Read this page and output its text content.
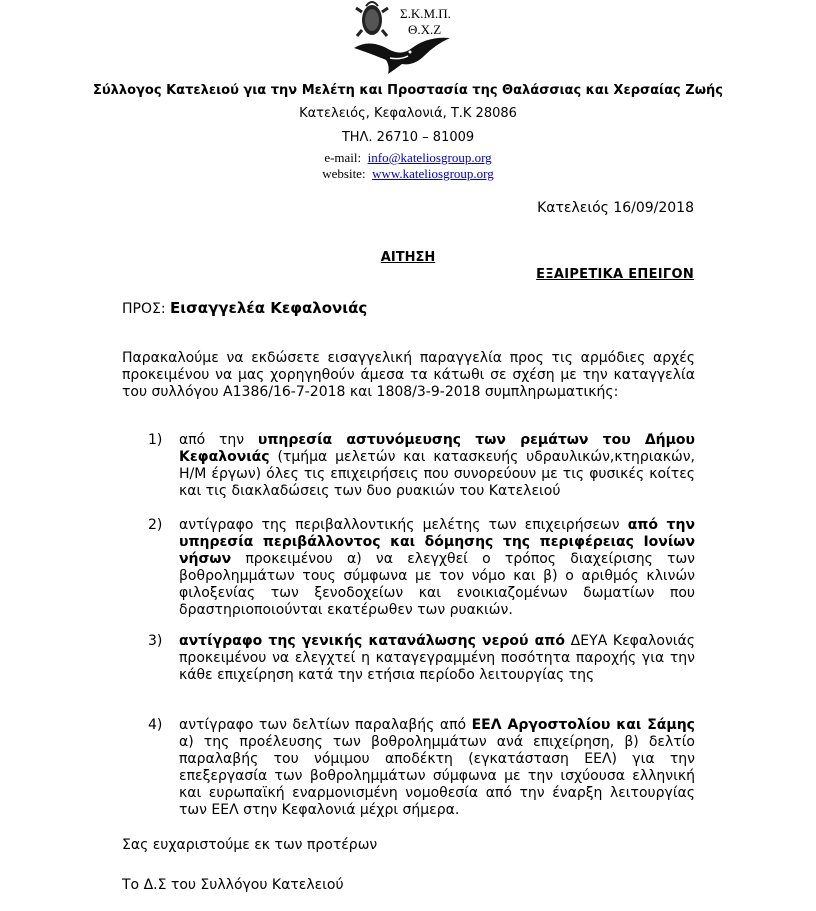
Σ.Κ.Μ.Π.
Θ.Χ.Ζ
Σύλλογος Κατελειού για την Μελέτη και Προστασία της Θαλάσσιας και Χερσαίας Ζωής
Κατελειός, Κεφαλονιά, Τ.Κ 28086
ΤΗΛ. 26710 – 81009
e-mail: info@kateliosgroup.org
website: www.kateliosgroup.org
Κατελειός 16/09/2018
ΑΙΤΗΣΗ
ΕΞΑΙΡΕΤΙΚΑ ΕΠΕΙΓΟΝ
ΠΡΟΣ: Εισαγγελέα Κεφαλονιάς
Παρακαλούμε να εκδώσετε εισαγγελική παραγγελία προς τις αρμόδιες αρχές προκειμένου να μας χορηγηθούν άμεσα τα κάτωθι σε σχέση με την καταγγελία του συλλόγου Α1386/16-7-2018 και 1808/3-9-2018 συμπληρωματικής:
1) από την υπηρεσία αστυνόμευσης των ρεμάτων του Δήμου Κεφαλονιάς (τμήμα μελετών και κατασκευής υδραυλικών,κτηριακών, Η/Μ έργων) όλες τις επιχειρήσεις που συνορεύουν με τις φυσικές κοίτες και τις διακλαδώσεις των δυο ρυακιών του Κατελειού
2) αντίγραφο της περιβαλλοντικής μελέτης των επιχειρήσεων από την υπηρεσία περιβάλλοντος και δόμησης της περιφέρειας Ιονίων νήσων προκειμένου α) να ελεγχθεί ο τρόπος διαχείρισης των βοθρολημμάτων τους σύμφωνα με τον νόμο και β) ο αριθμός κλινών φιλοξενίας των ξενοδοχείων και ενοικιαζομένων δωματίων που δραστηριοποιούνται εκατέρωθεν των ρυακιών.
3) αντίγραφο της γενικής κατανάλωσης νερού από ΔΕΥΑ Κεφαλονιάς προκειμένου να ελεγχτεί η καταγεγραμμένη ποσότητα παροχής για την κάθε επιχείρηση κατά την ετήσια περίοδο λειτουργίας της
4) αντίγραφο των δελτίων παραλαβής από ΕΕΛ Αργοστολίου και Σάμης α) της προέλευσης των βοθρολημμάτων ανά επιχείρηση, β) δελτίο παραλαβής του νόμιμου αποδέκτη (εγκατάσταση ΕΕΛ) για την επεξεργασία των βοθρολημμάτων σύμφωνα με την ισχύουσα ελληνική και ευρωπαϊκή εναρμονισμένη νομοθεσία από την έναρξη λειτουργίας των ΕΕΛ στην Κεφαλονιά μέχρι σήμερα.
Σας ευχαριστούμε εκ των προτέρων
Το Δ.Σ του Συλλόγου Κατελειού
